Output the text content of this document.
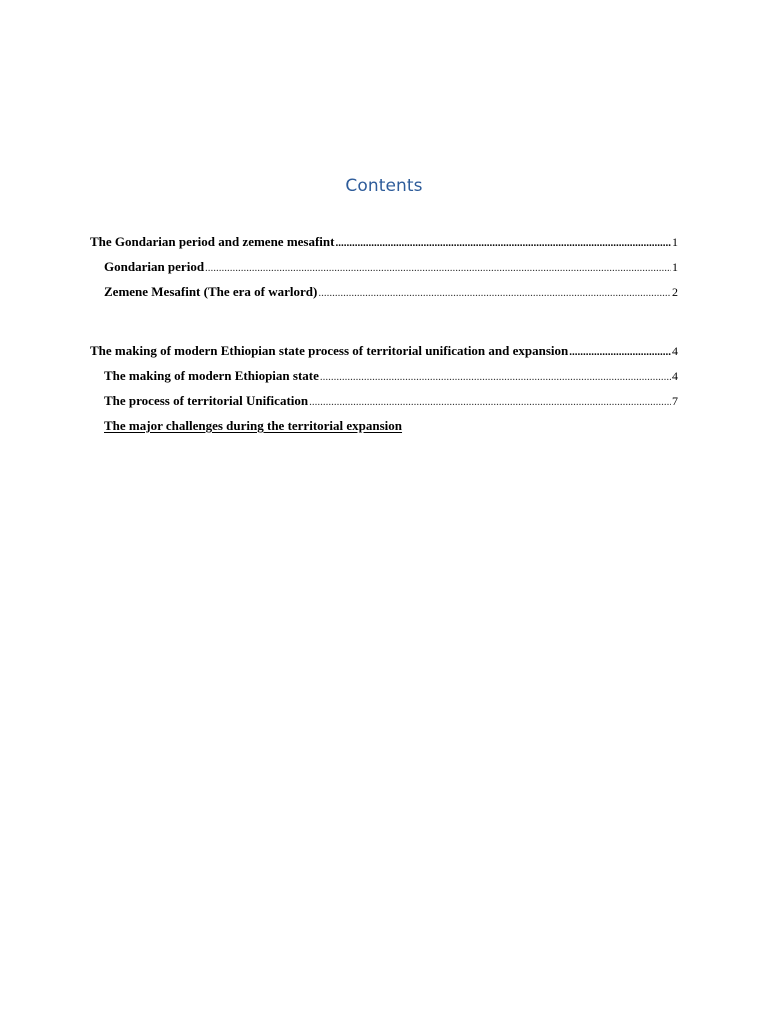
Contents
The Gondarian period and zemene mesafint .....	1
Gondarian period .....	1
Zemene Mesafint (The era of warlord) .....	2
The making of modern Ethiopian state process of territorial unification and expansion .....	4
The making of modern Ethiopian state .....	4
The process of territorial Unification .....	7
The major challenges during the territorial expansion
